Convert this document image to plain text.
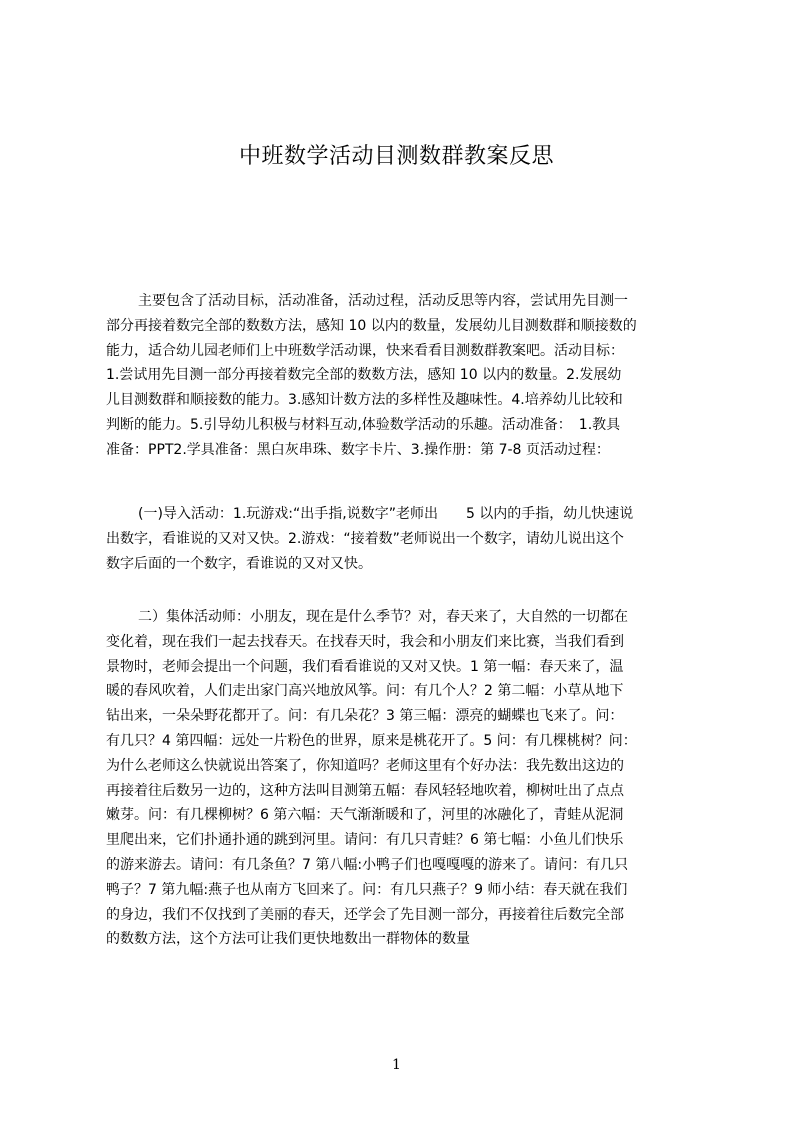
中班数学活动目测数群教案反思
主要包含了活动目标，活动准备，活动过程，活动反思等内容，尝试用先目测一
部分再接着数完全部的数数方法，感知 10 以内的数量，发展幼儿目测数群和顺接数的
能力，适合幼儿园老师们上中班数学活动课，快来看看目测数群教案吧。活动目标：
1.尝试用先目测一部分再接着数完全部的数数方法，感知 10 以内的数量。2.发展幼
儿目测数群和顺接数的能力。3.感知计数方法的多样性及趣味性。4.培养幼儿比较和
判断的能力。5.引导幼儿积极与材料互动,体验数学活动的乐趣。活动准备：　1.教具
准备：PPT2.学具准备：黑白灰串珠、数字卡片、3.操作册：第 7-8 页活动过程：
(一)导入活动：1.玩游戏:“出手指,说数字”老师出　　5 以内的手指，幼儿快速说
出数字，看谁说的又对又快。2.游戏：“接着数”老师说出一个数字，请幼儿说出这个
数字后面的一个数字，看谁说的又对又快。
二）集体活动师：小朋友，现在是什么季节？对，春天来了，大自然的一切都在
变化着，现在我们一起去找春天。在找春天时，我会和小朋友们来比赛，当我们看到
景物时，老师会提出一个问题，我们看看谁说的又对又快。1 第一幅：春天来了，温
暖的春风吹着，人们走出家门高兴地放风筝。问：有几个人？2 第二幅：小草从地下
钻出来，一朵朵野花都开了。问：有几朵花？3 第三幅：漂亮的蝴蝶也飞来了。问：
有几只？4 第四幅：远处一片粉色的世界，原来是桃花开了。5 问：有几棵桃树？问：
为什么老师这么快就说出答案了，你知道吗？老师这里有个好办法：我先数出这边的
再接着往后数另一边的，这种方法叫目测第五幅：春风轻轻地吹着，柳树吐出了点点
嫩芽。问：有几棵柳树？6 第六幅：天气渐渐暖和了，河里的冰融化了，青蛙从泥洞
里爬出来，它们扑通扑通的跳到河里。请问：有几只青蛙？6 第七幅：小鱼儿们快乐
的游来游去。请问：有几条鱼？7 第八幅:小鸭子们也嘎嘎嘎的游来了。请问：有几只
鸭子？7 第九幅:燕子也从南方飞回来了。问：有几只燕子？9 师小结：春天就在我们
的身边，我们不仅找到了美丽的春天，还学会了先目测一部分，再接着往后数完全部
的数数方法，这个方法可让我们更快地数出一群物体的数量
1
